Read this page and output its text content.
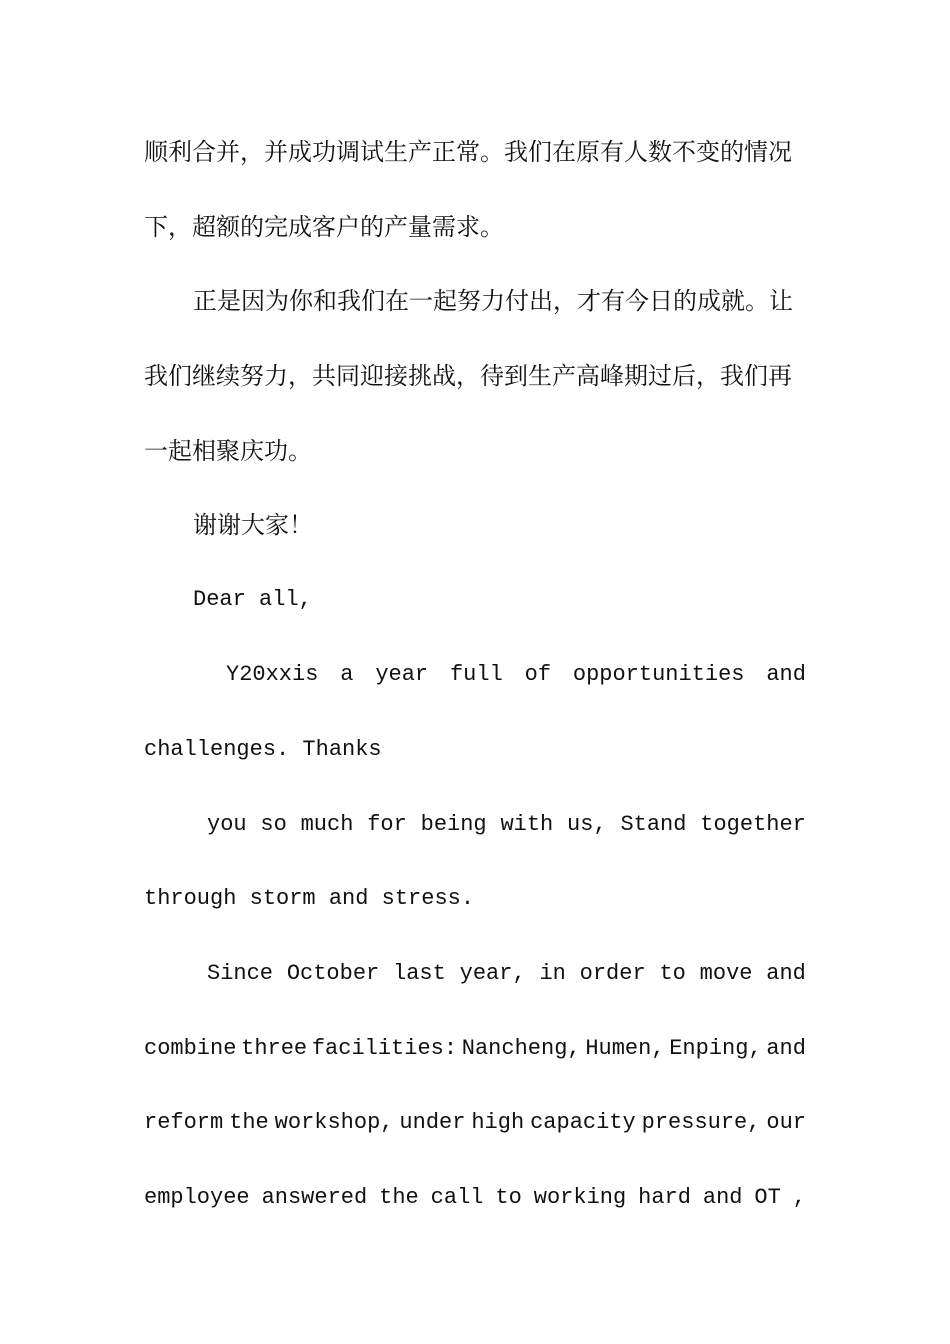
顺利合并，并成功调试生产正常。我们在原有人数不变的情况
下，超额的完成客户的产量需求。
正是因为你和我们在一起努力付出，才有今日的成就。让
我们继续努力，共同迎接挑战，待到生产高峰期过后，我们再
一起相聚庆功。
谢谢大家！
Dear all,
Y20xxis a year full of opportunities and
challenges. Thanks
you so much for being with us, Stand together
through storm and stress.
Since October last year, in order to move and
combine three facilities: Nancheng, Humen, Enping, and
reform the workshop, under high capacity pressure, our
employee answered the call to working hard and OT ,
